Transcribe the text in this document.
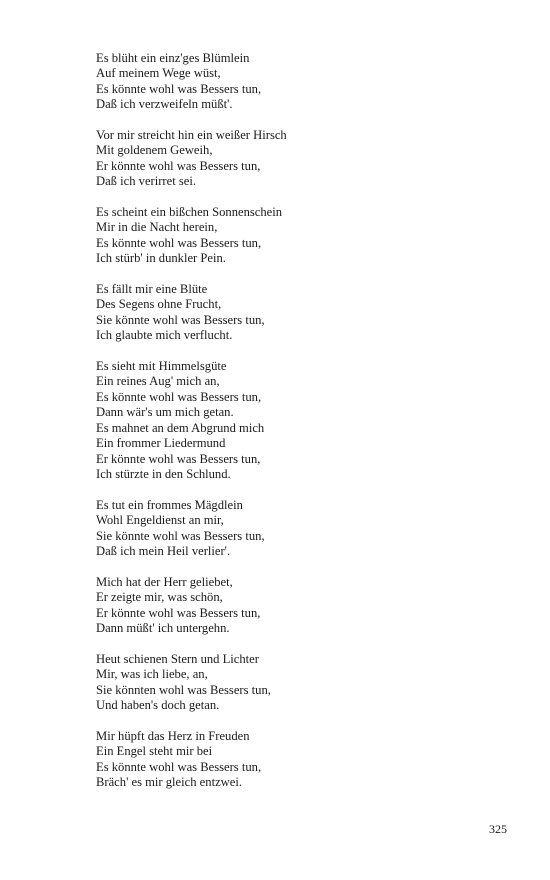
Es blüht ein einz'ges Blümlein
Auf meinem Wege wüst,
Es könnte wohl was Bessers tun,
Daß ich verzweifeln müßt'.
Vor mir streicht hin ein weißer Hirsch
Mit goldenem Geweih,
Er könnte wohl was Bessers tun,
Daß ich verirret sei.
Es scheint ein bißchen Sonnenschein
Mir in die Nacht herein,
Es könnte wohl was Bessers tun,
Ich stürb' in dunkler Pein.
Es fällt mir eine Blüte
Des Segens ohne Frucht,
Sie könnte wohl was Bessers tun,
Ich glaubte mich verflucht.
Es sieht mit Himmelsgüte
Ein reines Aug' mich an,
Es könnte wohl was Bessers tun,
Dann wär's um mich getan.
Es mahnet an dem Abgrund mich
Ein frommer Liedermund
Er könnte wohl was Bessers tun,
Ich stürzte in den Schlund.
Es tut ein frommes Mägdlein
Wohl Engeldienst an mir,
Sie könnte wohl was Bessers tun,
Daß ich mein Heil verlier'.
Mich hat der Herr geliebet,
Er zeigte mir, was schön,
Er könnte wohl was Bessers tun,
Dann müßt' ich untergehn.
Heut schienen Stern und Lichter
Mir, was ich liebe, an,
Sie könnten wohl was Bessers tun,
Und haben's doch getan.
Mir hüpft das Herz in Freuden
Ein Engel steht mir bei
Es könnte wohl was Bessers tun,
Bräch' es mir gleich entzwei.
325
